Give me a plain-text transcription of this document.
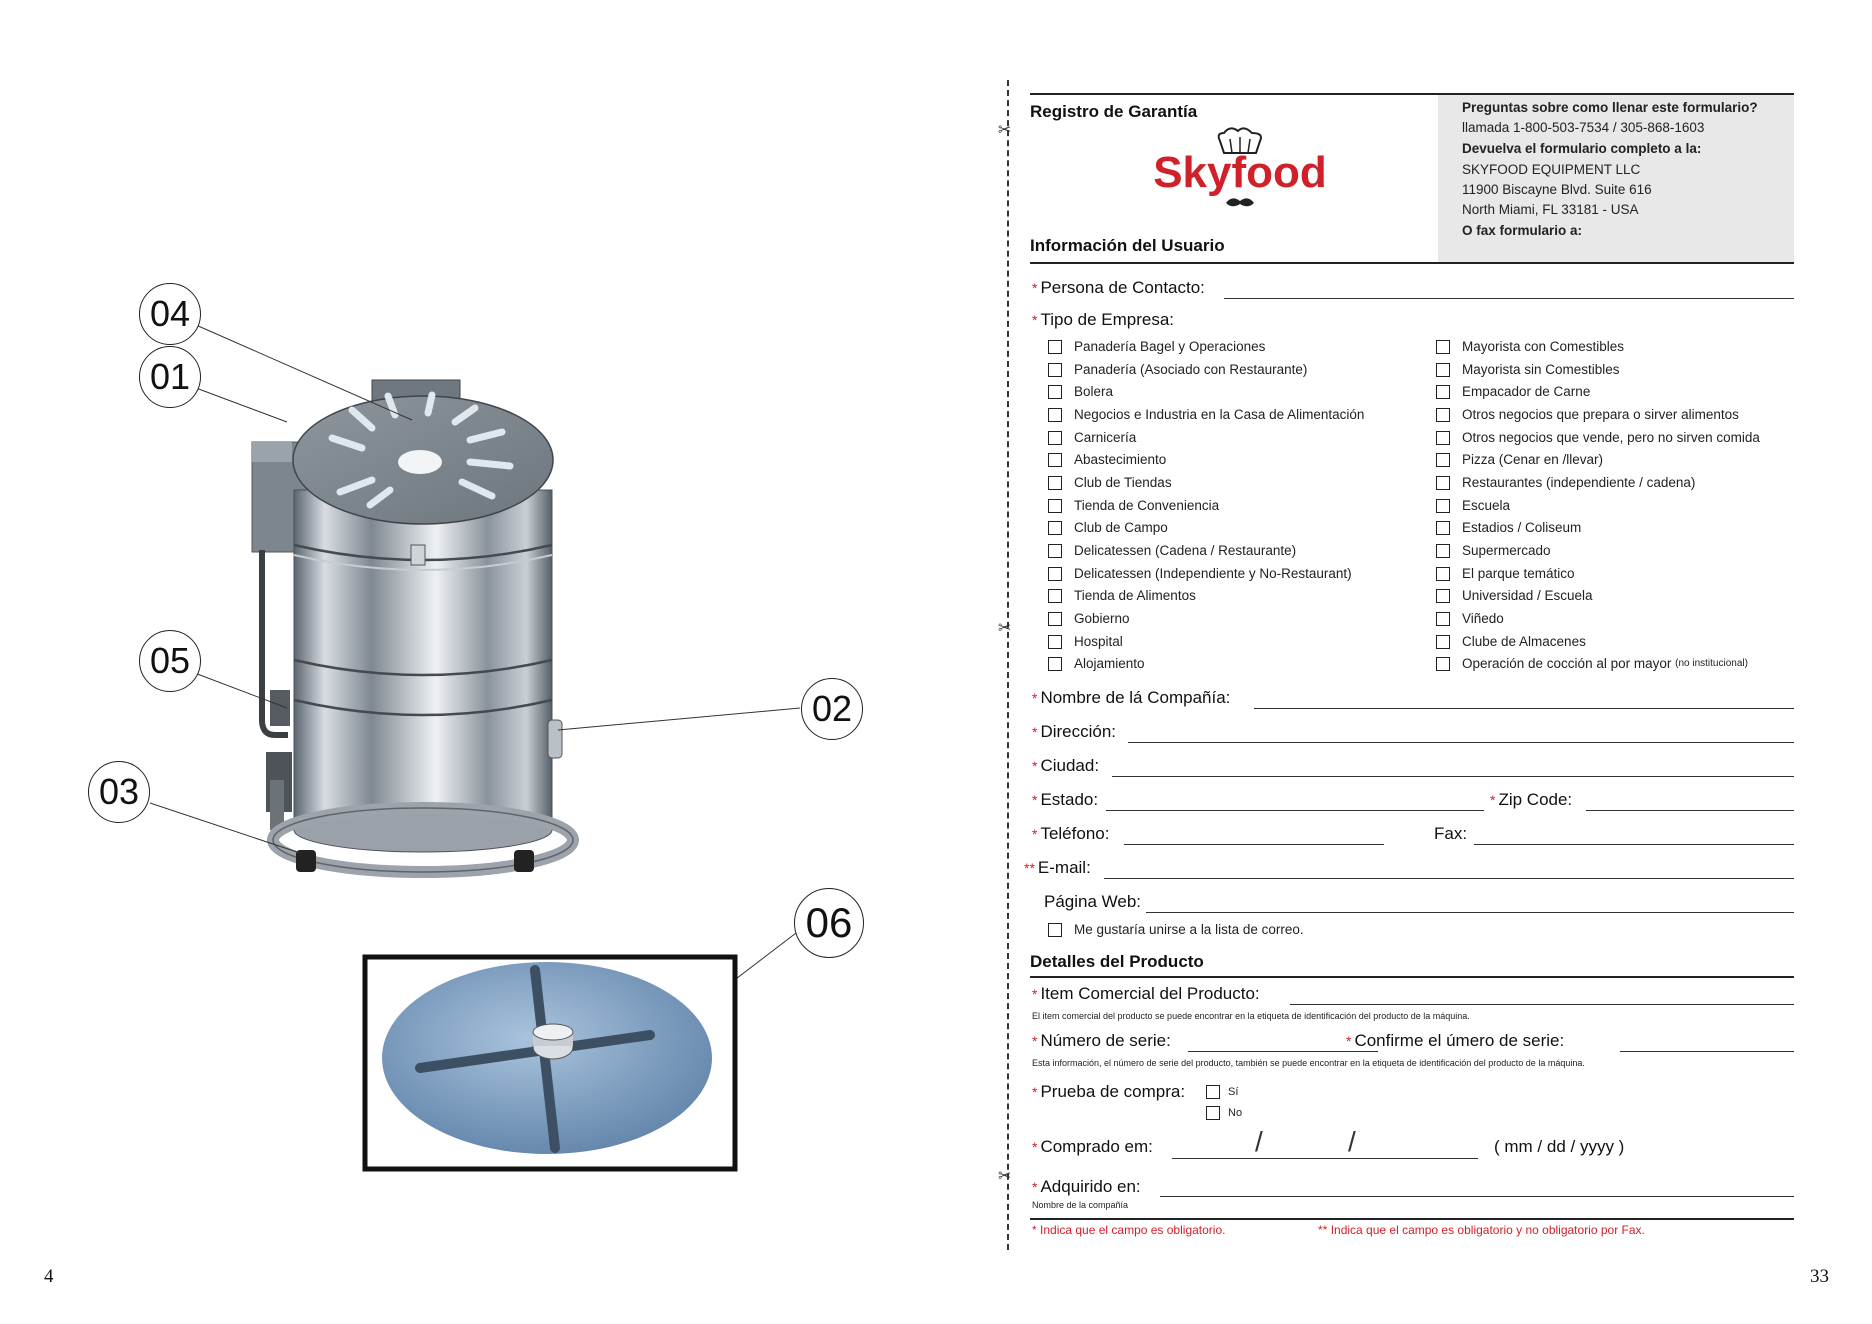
04
01
05
02
03
06
4	33
✂
✂
✂
Registro de Garantía
Skyfood
Información del Usuario
Preguntas sobre como llenar este formulario?
llamada 1-800-503-7534 / 305-868-1603
Devuelva el formulario completo a la:
SKYFOOD EQUIPMENT LLC
11900 Biscayne Blvd. Suite 616
North Miami, FL 33181 - USA
O fax formulario a:
* Persona de Contacto:
* Tipo de Empresa:
Panadería Bagel y Operaciones
Panadería (Asociado con Restaurante)
Bolera
Negocios e Industria en la Casa de Alimentación
Carnicería
Abastecimiento
Club de Tiendas
Tienda de Conveniencia
Club de Campo
Delicatessen (Cadena / Restaurante)
Delicatessen (Independiente y No-Restaurant)
Tienda de Alimentos
Gobierno
Hospital
Alojamiento
Mayorista con Comestibles
Mayorista sin Comestibles
Empacador de Carne
Otros negocios que prepara o sirver alimentos
Otros negocios que vende, pero no sirven comida
Pizza (Cenar en /llevar)
Restaurantes (independiente / cadena)
Escuela
Estadios / Coliseum
Supermercado
El parque temático
Universidad / Escuela
Viñedo
Clube de Almacenes
Operación de cocción al por mayor
(no institucional)
* Nombre de lá Compañía:
* Dirección:
* Ciudad:
* Estado:	* Zip Code:
* Teléfono:	Fax:
** E-mail:
Página Web:
Me gustaría unirse a la lista de correo.
Detalles del Producto
* Item Comercial del Producto:
El item comercial del producto se puede encontrar en la etiqueta de identificación del producto de la máquina.
* Número de serie:	* Confirme el úmero de serie:
Esta información, el número de serie del producto, también se puede encontrar en la etiqueta de identificación del producto de la máquina.
* Prueba de compra:	Sí
No
* Comprado em:	/	/	( mm / dd / yyyy )
* Adquirido en:
Nombre de la compañía
* Indica que el campo es obligatorio.	** Indica que el campo es obligatorio y no obligatorio por Fax.
